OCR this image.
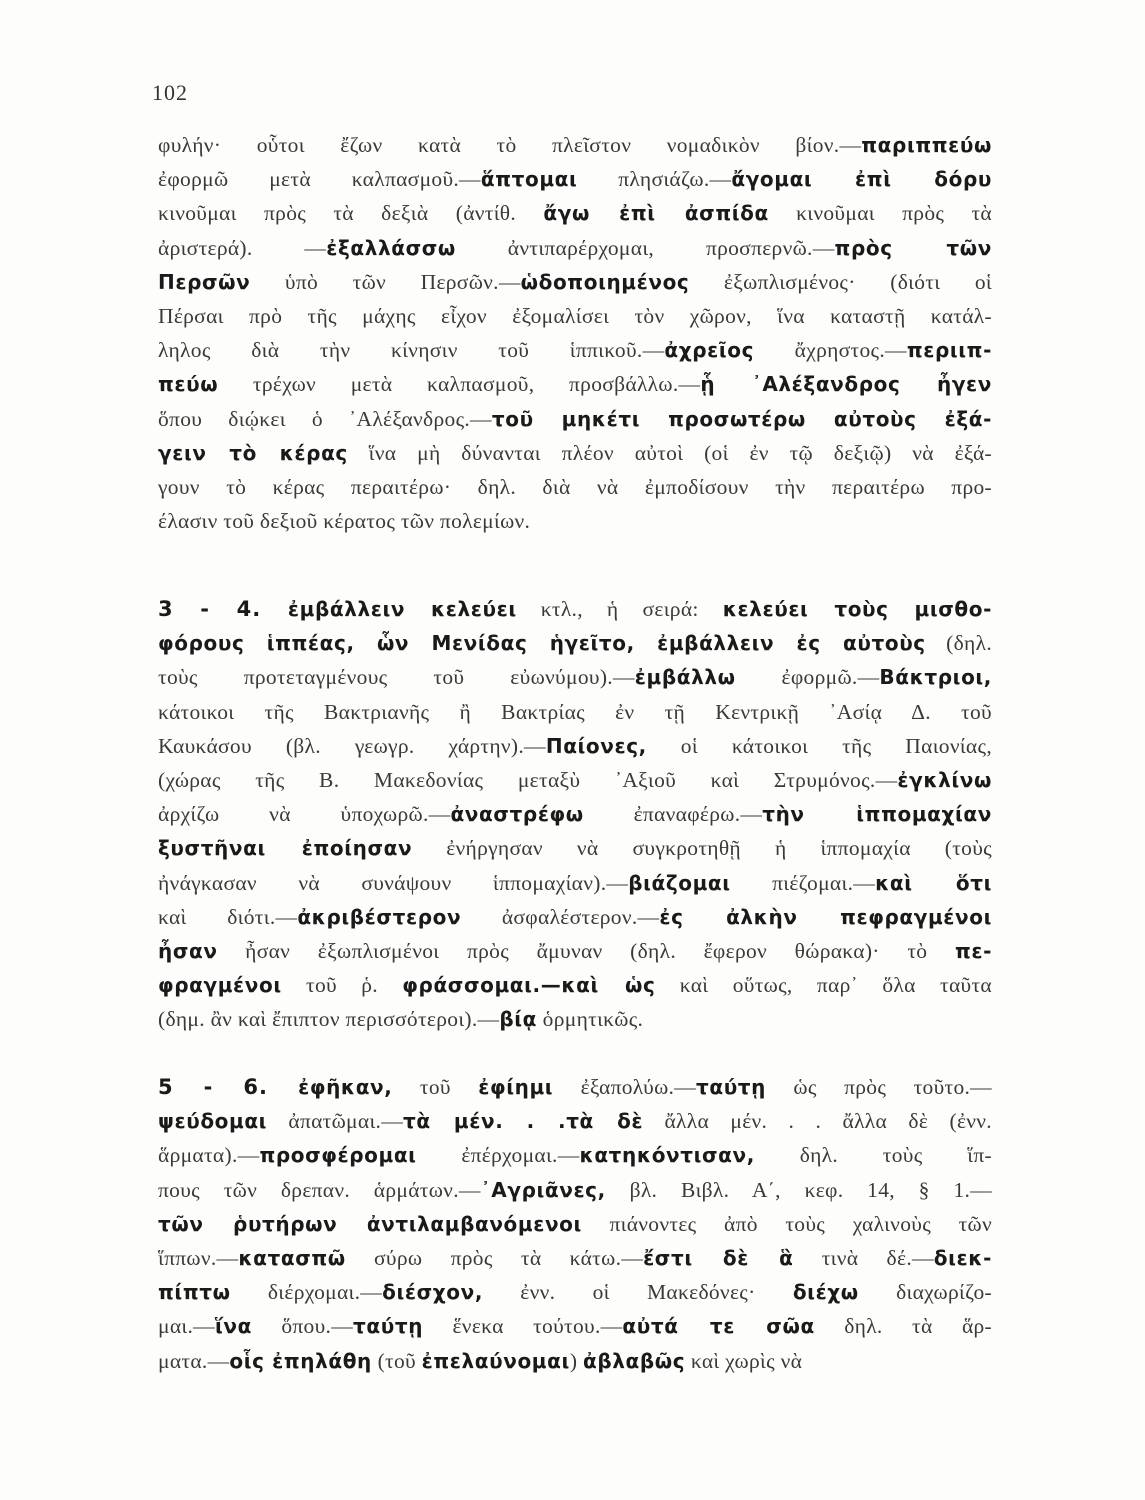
102
φυλήν· οὗτοι ἔζων κατὰ τὸ πλεῖστον νομαδικὸν βίον.—παριππεύω
ἐφορμῶ μετὰ καλπασμοῦ.—ἅπτομαι πλησιάζω.—ἄγομαι ἐπὶ δόρυ
κινοῦμαι πρὸς τὰ δεξιὰ (ἀντίθ. ἄγω ἐπὶ ἀσπίδα κινοῦμαι πρὸς τὰ
ἀριστερά). —ἐξαλλάσσω ἀντιπαρέρχομαι, προσπερνῶ.—πρὸς τῶν
Περσῶν ὑπὸ τῶν Περσῶν.—ὡδοποιημένος ἐξωπλισμένος· (διότι οἱ
Πέρσαι πρὸ τῆς μάχης εἶχον ἐξομαλίσει τὸν χῶρον, ἵνα καταστῇ κατάλ-
ληλος διὰ τὴν κίνησιν τοῦ ἱππικοῦ.—ἀχρεῖος ἄχρηστος.—περιιπ-
πεύω τρέχων μετὰ καλπασμοῦ, προσβάλλω.—ᾗ ᾿Αλέξανδρος ἦγεν
ὅπου διῴκει ὁ ᾿Αλέξανδρος.—τοῦ μηκέτι προσωτέρω αὐτοὺς ἐξά-
γειν τὸ κέρας ἵνα μὴ δύνανται πλέον αὐτοὶ (οἱ ἐν τῷ δεξιῷ) νὰ ἐξά-
γουν τὸ κέρας περαιτέρω· δηλ. διὰ νὰ ἐμποδίσουν τὴν περαιτέρω προ-
έλασιν τοῦ δεξιοῦ κέρατος τῶν πολεμίων.
3 - 4. ἐμβάλλειν κελεύει κτλ., ἡ σειρά: κελεύει τοὺς μισθο-
φόρους ἱππέας, ὧν Μενίδας ἡγεῖτο, ἐμβάλλειν ἐς αὐτοὺς (δηλ.
τοὺς προτεταγμένους τοῦ εὐωνύμου).—ἐμβάλλω ἐφορμῶ.—Βάκτριοι,
κάτοικοι τῆς Βακτριανῆς ἢ Βακτρίας ἐν τῇ Κεντρικῇ ᾿Ασίᾳ Δ. τοῦ
Καυκάσου (βλ. γεωγρ. χάρτην).—Παίονες, οἱ κάτοικοι τῆς Παιονίας,
(χώρας τῆς Β. Μακεδονίας μεταξὺ ᾿Αξιοῦ καὶ Στρυμόνος.—ἐγκλίνω
ἀρχίζω νὰ ὑποχωρῶ.—ἀναστρέφω ἐπαναφέρω.—τὴν ἱππομαχίαν
ξυστῆναι ἐποίησαν ἐνήργησαν νὰ συγκροτηθῇ ἡ ἱππομαχία (τοὺς
ἠνάγκασαν νὰ συνάψουν ἱππομαχίαν).—βιάζομαι πιέζομαι.—καὶ ὅτι
καὶ διότι.—ἀκριβέστερον ἀσφαλέστερον.—ἐς ἀλκὴν πεφραγμένοι
ἦσαν ἦσαν ἐξωπλισμένοι πρὸς ἄμυναν (δηλ. ἔφερον θώρακα)· τὸ πε-
φραγμένοι τοῦ ῥ. φράσσομαι.—καὶ ὡς καὶ οὕτως, παρ᾿ ὅλα ταῦτα
(δημ. ἂν καὶ ἔπιπτον περισσότεροι).—βίᾳ ὁρμητικῶς.
5 - 6. ἐφῆκαν, τοῦ ἐφίημι ἐξαπολύω.—ταύτῃ ὡς πρὸς τοῦτο.—
ψεύδομαι ἀπατῶμαι.—τὰ μέν. . .τὰ δὲ ἄλλα μέν. . . ἄλλα δὲ (ἐνν.
ἅρματα).—προσφέρομαι ἐπέρχομαι.—κατηκόντισαν, δηλ. τοὺς ἵπ-
πους τῶν δρεπαν. ἁρμάτων.—᾿Αγριᾶνες, βλ. Βιβλ. Α΄, κεφ. 14, § 1.—
τῶν ῥυτήρων ἀντιλαμβανόμενοι πιάνοντες ἀπὸ τοὺς χαλινοὺς τῶν
ἵππων.—κατασπῶ σύρω πρὸς τὰ κάτω.—ἔστι δὲ ἃ τινὰ δέ.—διεκ-
πίπτω διέρχομαι.—διέσχον, ἐνν. οἱ Μακεδόνες· διέχω διαχωρίζο-
μαι.—ἵνα ὅπου.—ταύτῃ ἕνεκα τούτου.—αὐτά τε σῶα δηλ. τὰ ἅρ-
ματα.—οἷς ἐπηλάθη (τοῦ ἐπελαύνομαι) ἀβλαβῶς καὶ χωρὶς νὰ
